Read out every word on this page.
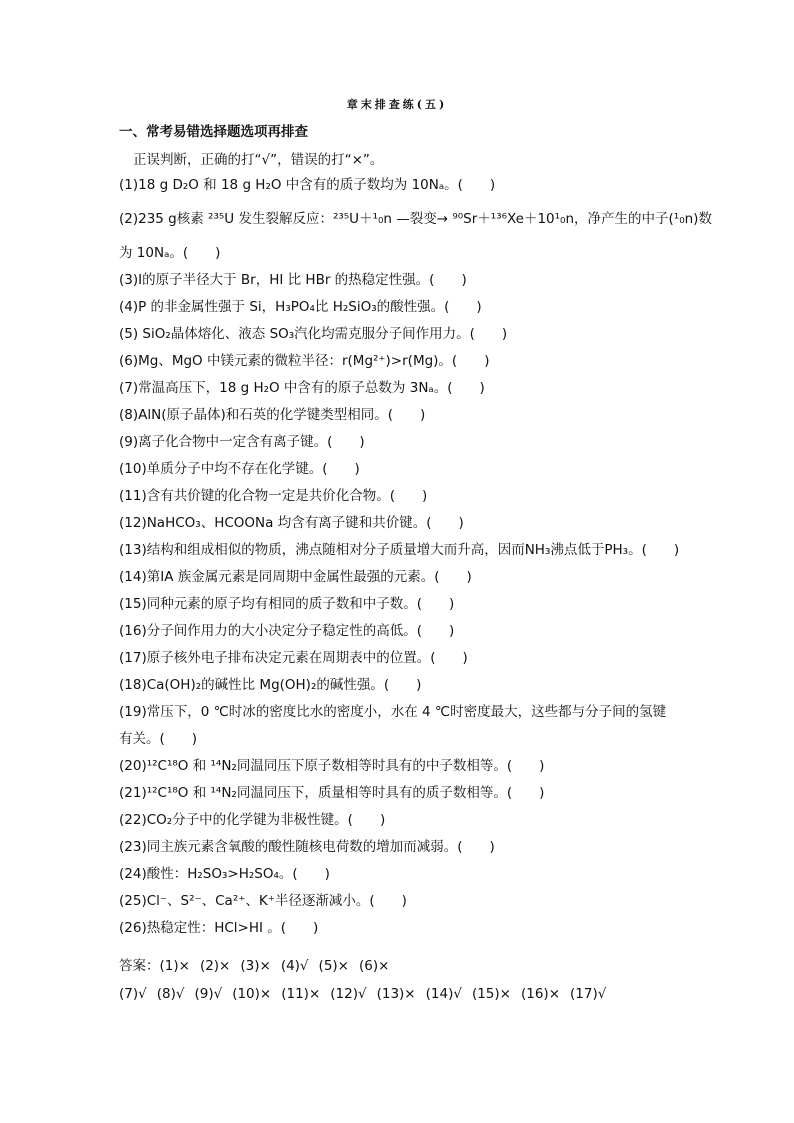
章末排查练(五)
一、常考易错选择题选项再排查
正误判断，正确的打“√”，错误的打“×”。
(1)18 g D₂O 和 18 g H₂O 中含有的质子数均为 10Nₐ。(　　)
(2)235 g核素 ²³⁵U 发生裂解反应：²³⁵U＋¹₀n —裂变→ ⁹⁰Sr＋¹³⁶Xe＋10¹₀n，净产生的中子(¹₀n)数
为 10Nₐ。(　　)
(3)I的原子半径大于 Br，HI 比 HBr 的热稳定性强。(　　)
(4)P 的非金属性强于 Si，H₃PO₄比 H₂SiO₃的酸性强。(　　)
(5) SiO₂晶体熔化、液态 SO₃汽化均需克服分子间作用力。(　　)
(6)Mg、MgO 中镁元素的微粒半径：r(Mg²⁺)>r(Mg)。(　　)
(7)常温高压下，18 g H₂O 中含有的原子总数为 3Nₐ。(　　)
(8)AlN(原子晶体)和石英的化学键类型相同。(　　)
(9)离子化合物中一定含有离子键。(　　)
(10)单质分子中均不存在化学键。(　　)
(11)含有共价键的化合物一定是共价化合物。(　　)
(12)NaHCO₃、HCOONa 均含有离子键和共价键。(　　)
(13)结构和组成相似的物质，沸点随相对分子质量增大而升高，因而NH₃沸点低于PH₃。(　　)
(14)第ⅠA 族金属元素是同周期中金属性最强的元素。(　　)
(15)同种元素的原子均有相同的质子数和中子数。(　　)
(16)分子间作用力的大小决定分子稳定性的高低。(　　)
(17)原子核外电子排布决定元素在周期表中的位置。(　　)
(18)Ca(OH)₂的碱性比 Mg(OH)₂的碱性强。(　　)
(19)常压下，0 ℃时冰的密度比水的密度小，水在 4 ℃时密度最大，这些都与分子间的氢键
有关。(　　)
(20)¹²C¹⁸O 和 ¹⁴N₂同温同压下原子数相等时具有的中子数相等。(　　)
(21)¹²C¹⁸O 和 ¹⁴N₂同温同压下，质量相等时具有的质子数相等。(　　)
(22)CO₂分子中的化学键为非极性键。(　　)
(23)同主族元素含氧酸的酸性随核电荷数的增加而减弱。(　　)
(24)酸性：H₂SO₃>H₂SO₄。(　　)
(25)Cl⁻、S²⁻、Ca²⁺、K⁺半径逐渐减小。(　　)
(26)热稳定性：HCl>HI 。(　　)
答案：(1)× (2)× (3)× (4)√ (5)× (6)×
(7)√ (8)√ (9)√ (10)× (11)× (12)√ (13)× (14)√ (15)× (16)× (17)√
